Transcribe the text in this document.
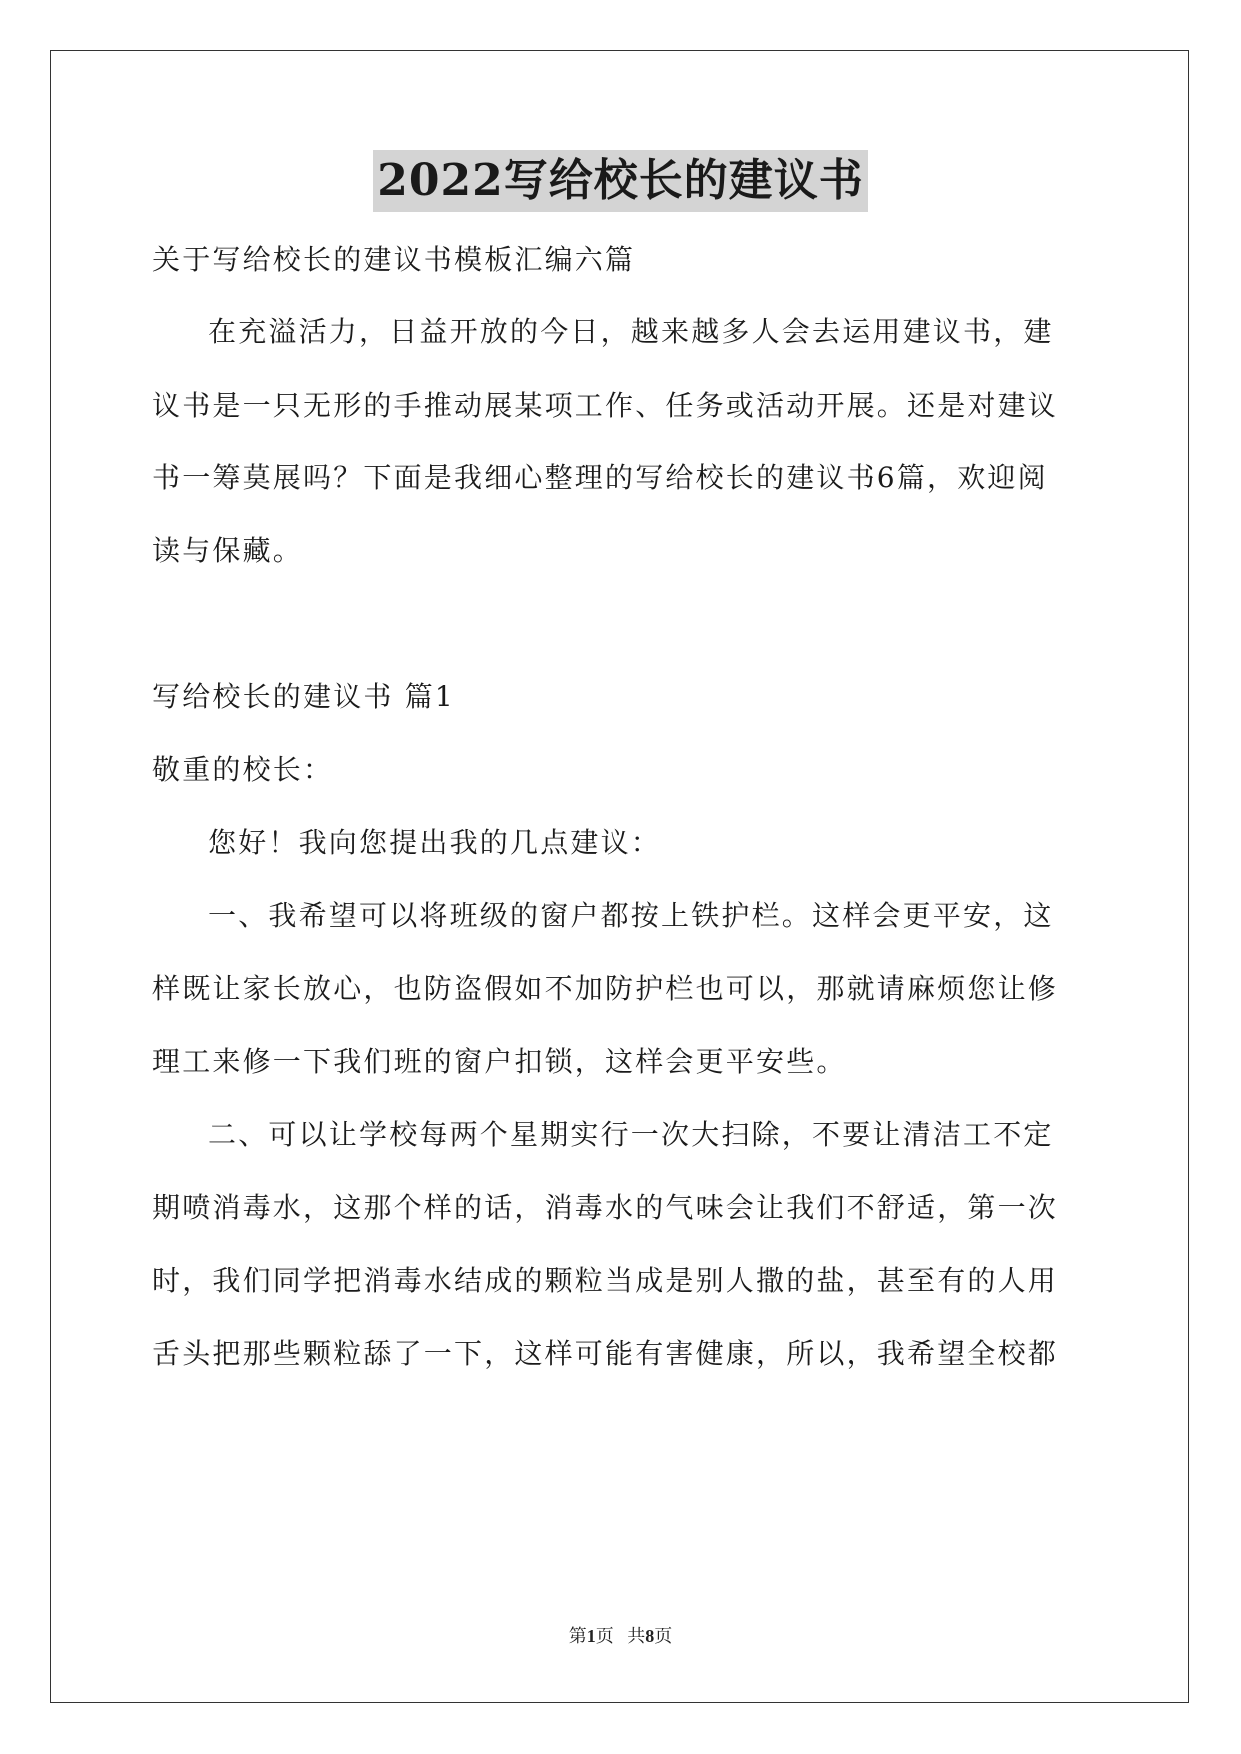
2022写给校长的建议书
关于写给校长的建议书模板汇编六篇
在充溢活力，日益开放的今日，越来越多人会去运用建议书，建
议书是一只无形的手推动展某项工作、任务或活动开展。还是对建议
书一筹莫展吗？下面是我细心整理的写给校长的建议书6篇，欢迎阅
读与保藏。
写给校长的建议书 篇1
敬重的校长：
您好！我向您提出我的几点建议：
一、我希望可以将班级的窗户都按上铁护栏。这样会更平安，这
样既让家长放心，也防盗假如不加防护栏也可以，那就请麻烦您让修
理工来修一下我们班的窗户扣锁，这样会更平安些。
二、可以让学校每两个星期实行一次大扫除，不要让清洁工不定
期喷消毒水，这那个样的话，消毒水的气味会让我们不舒适，第一次
时，我们同学把消毒水结成的颗粒当成是别人撒的盐，甚至有的人用
舌头把那些颗粒舔了一下，这样可能有害健康，所以，我希望全校都
第1页   共8页
